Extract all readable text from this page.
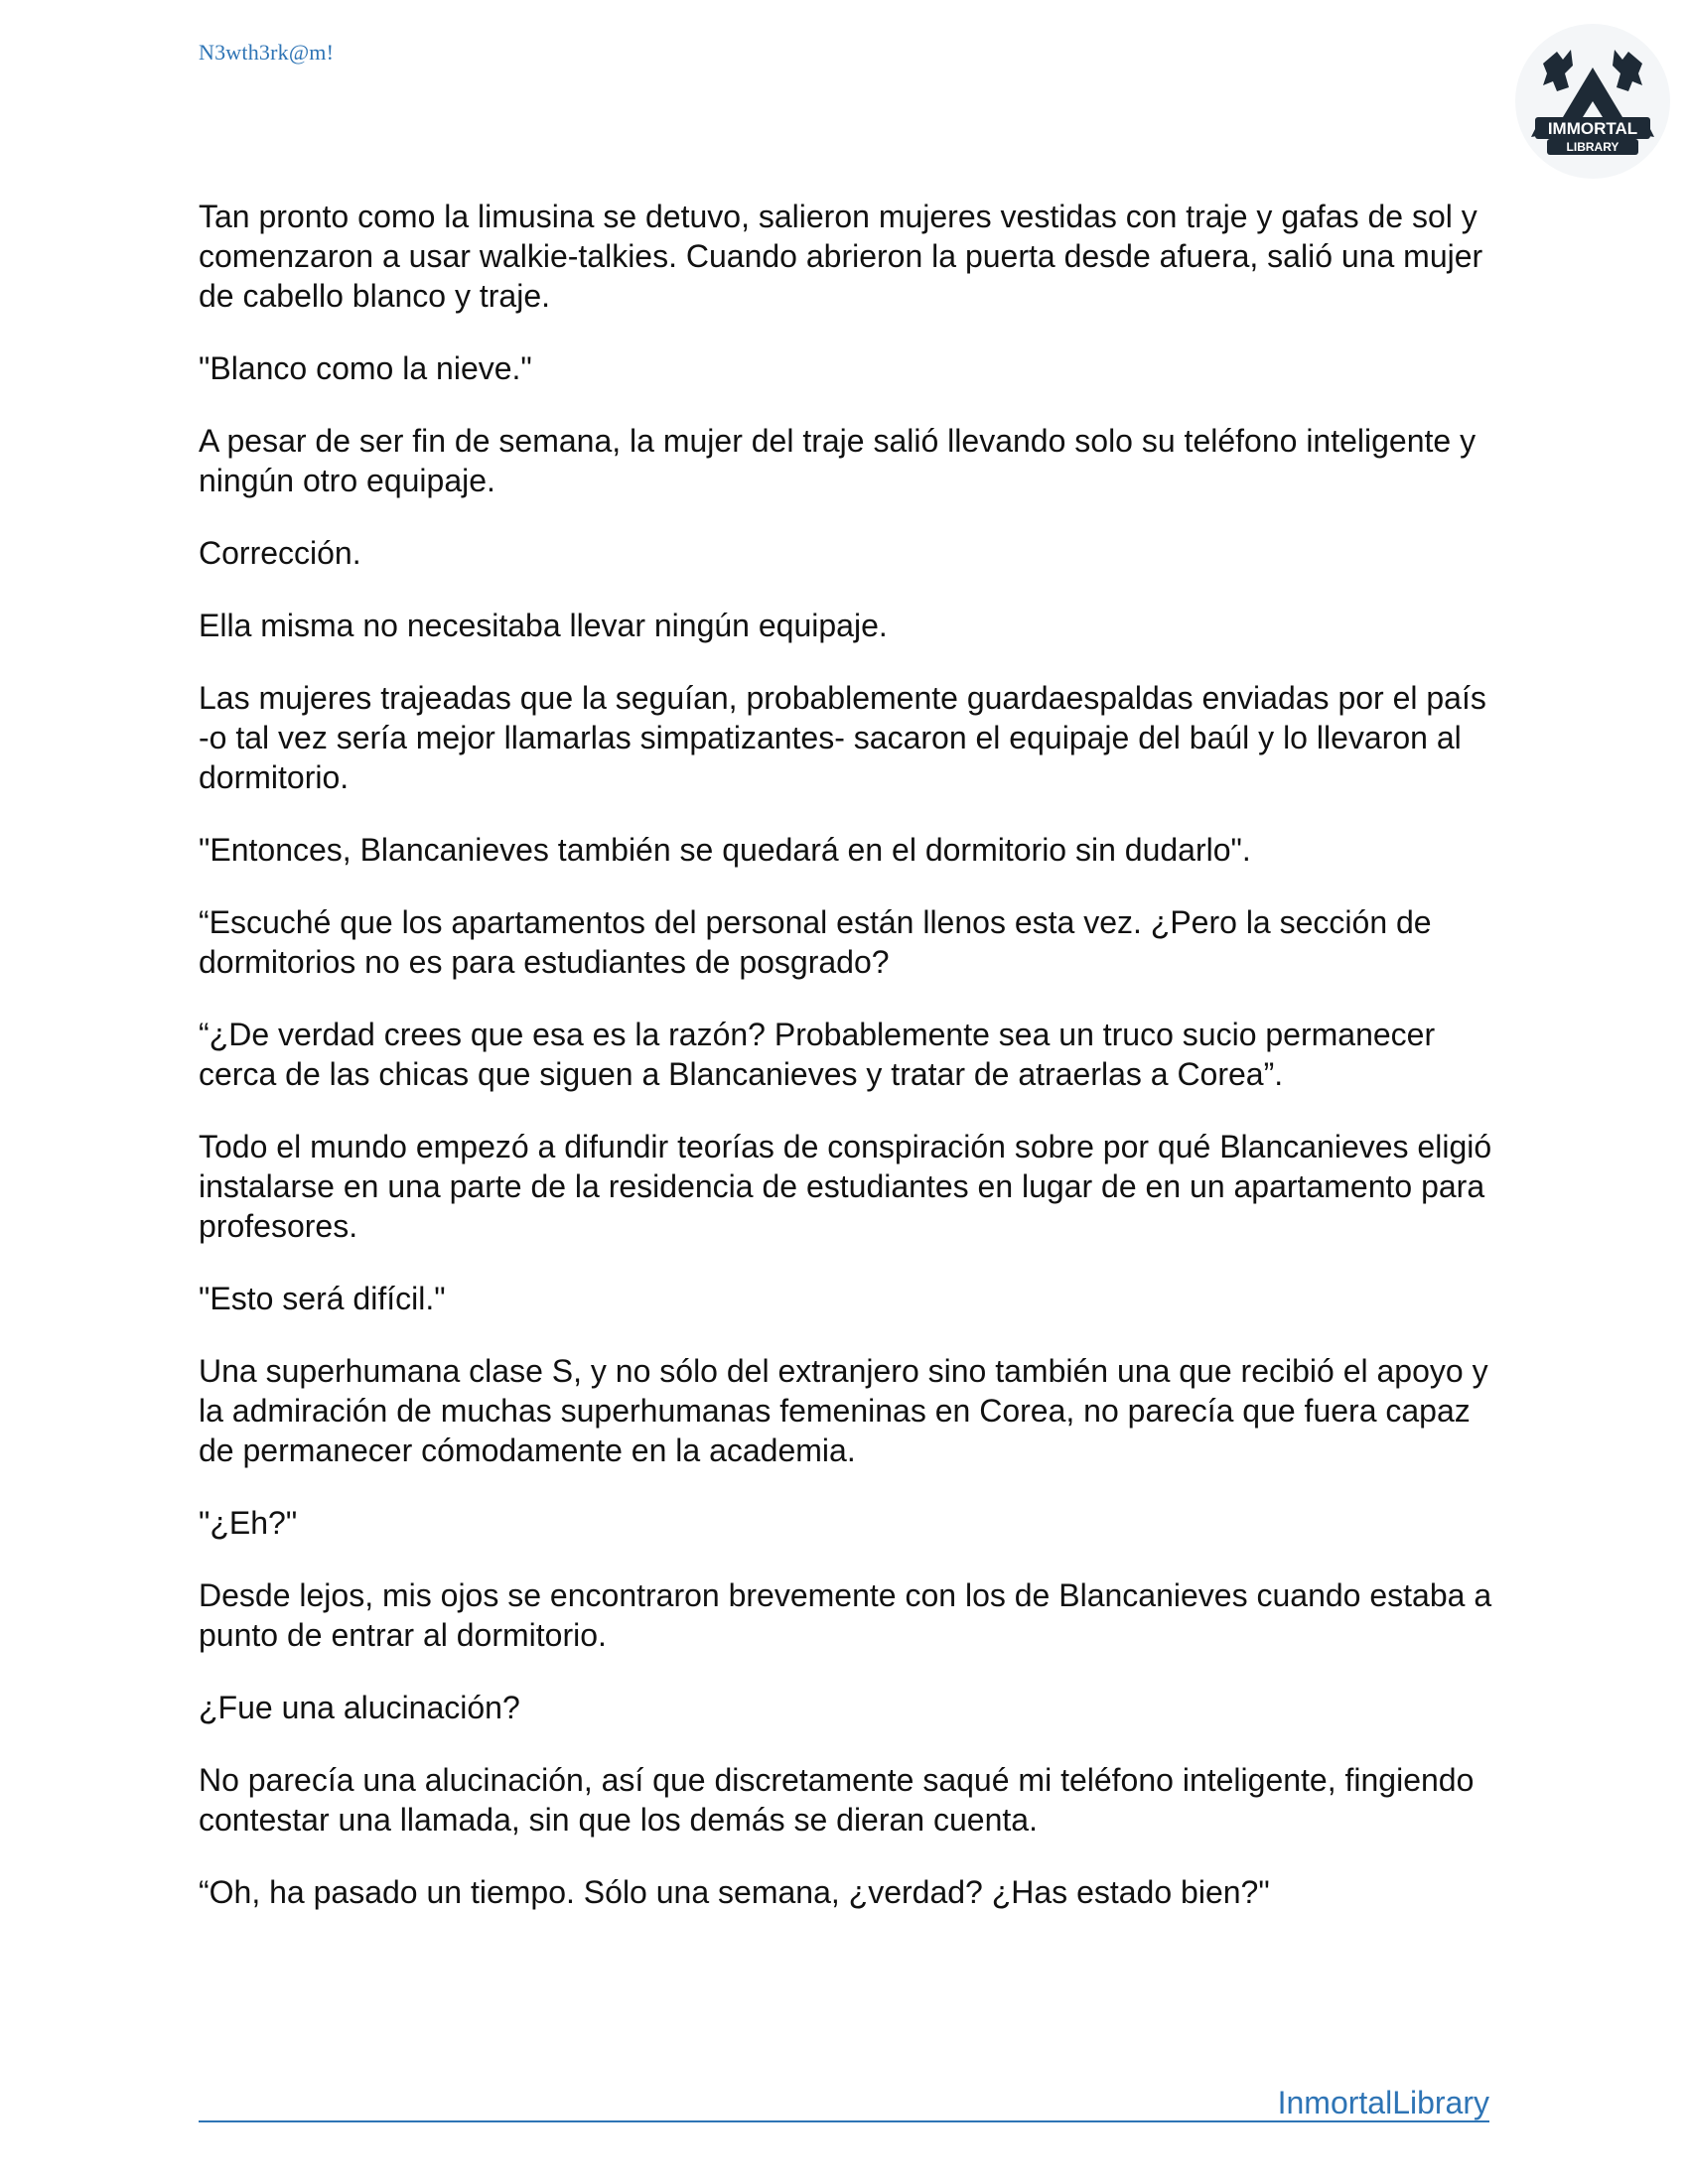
N3wth3rk@m!
IMMORTAL
LIBRARY

Tan pronto como la limusina se detuvo, salieron mujeres vestidas con traje y gafas de sol y comenzaron a usar walkie-talkies. Cuando abrieron la puerta desde afuera, salió una mujer de cabello blanco y traje.

"Blanco como la nieve."

A pesar de ser fin de semana, la mujer del traje salió llevando solo su teléfono inteligente y ningún otro equipaje.

Corrección.

Ella misma no necesitaba llevar ningún equipaje.

Las mujeres trajeadas que la seguían, probablemente guardaespaldas enviadas por el país -o tal vez sería mejor llamarlas simpatizantes- sacaron el equipaje del baúl y lo llevaron al dormitorio.

"Entonces, Blancanieves también se quedará en el dormitorio sin dudarlo".

“Escuché que los apartamentos del personal están llenos esta vez. ¿Pero la sección de dormitorios no es para estudiantes de posgrado?

“¿De verdad crees que esa es la razón? Probablemente sea un truco sucio permanecer cerca de las chicas que siguen a Blancanieves y tratar de atraerlas a Corea”.

Todo el mundo empezó a difundir teorías de conspiración sobre por qué Blancanieves eligió instalarse en una parte de la residencia de estudiantes en lugar de en un apartamento para profesores.

"Esto será difícil."

Una superhumana clase S, y no sólo del extranjero sino también una que recibió el apoyo y la admiración de muchas superhumanas femeninas en Corea, no parecía que fuera capaz de permanecer cómodamente en la academia.

"¿Eh?"

Desde lejos, mis ojos se encontraron brevemente con los de Blancanieves cuando estaba a punto de entrar al dormitorio.

¿Fue una alucinación?

No parecía una alucinación, así que discretamente saqué mi teléfono inteligente, fingiendo contestar una llamada, sin que los demás se dieran cuenta.

“Oh, ha pasado un tiempo. Sólo una semana, ¿verdad? ¿Has estado bien?"

InmortalLibrary
